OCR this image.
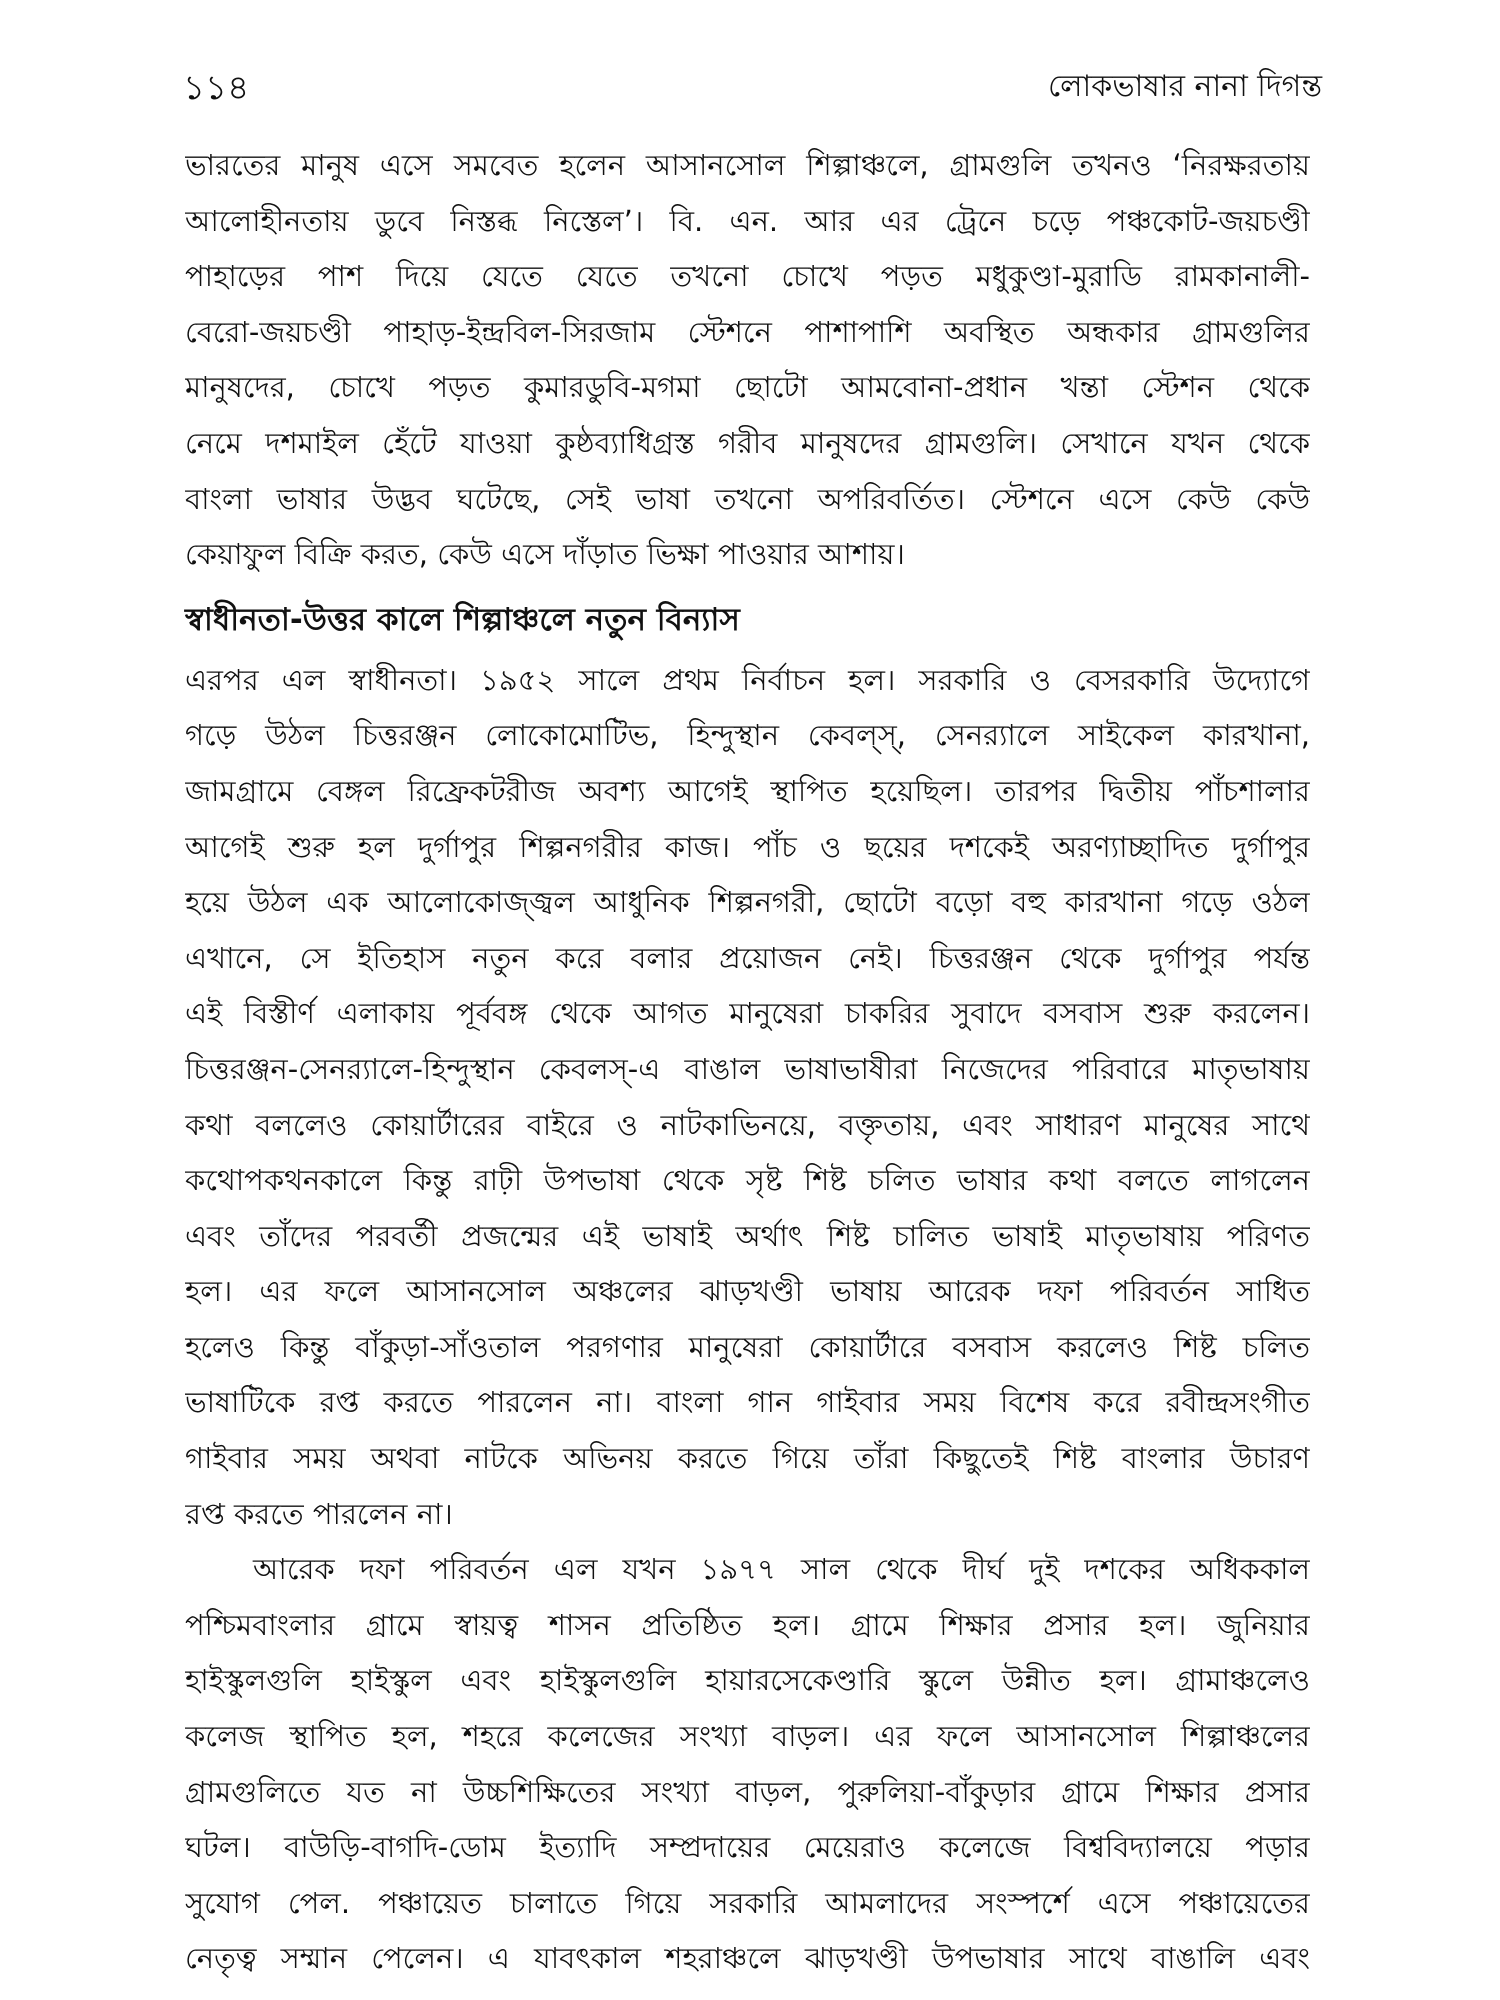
১১৪	লোকভাষার নানা দিগন্ত
ভারতের মানুষ এসে সমবেত হলেন আসানসোল শিল্পাঞ্চলে, গ্রামগুলি তখনও ‘নিরক্ষরতায়
আলোহীনতায় ডুবে নিস্তব্ধ নিস্তেল’। বি. এন. আর এর ট্রেনে চড়ে পঞ্চকোট-জয়চণ্ডী
পাহাড়ের পাশ দিয়ে যেতে যেতে তখনো চোখে পড়ত মধুকুণ্ডা-মুরাডি রামকানালী-
বেরো-জয়চণ্ডী পাহাড়-ইন্দ্রবিল-সিরজাম স্টেশনে পাশাপাশি অবস্থিত অন্ধকার গ্রামগুলির
মানুষদের, চোখে পড়ত কুমারডুবি-মগমা ছোটো আমবোনা-প্রধান খন্তা স্টেশন থেকে
নেমে দশমাইল হেঁটে যাওয়া কুষ্ঠব্যাধিগ্রস্ত গরীব মানুষদের গ্রামগুলি। সেখানে যখন থেকে
বাংলা ভাষার উদ্ভব ঘটেছে, সেই ভাষা তখনো অপরিবর্তিত। স্টেশনে এসে কেউ কেউ
কেয়াফুল বিক্রি করত, কেউ এসে দাঁড়াত ভিক্ষা পাওয়ার আশায়।
স্বাধীনতা-উত্তর কালে শিল্পাঞ্চলে নতুন বিন্যাস
এরপর এল স্বাধীনতা। ১৯৫২ সালে প্রথম নির্বাচন হল। সরকারি ও বেসরকারি উদ্যোগে
গড়ে উঠল চিত্তরঞ্জন লোকোমোটিভ, হিন্দুস্থান কেবল্‌স্‌, সেনর‍্যালে সাইকেল কারখানা,
জামগ্রামে বেঙ্গল রিফ্রেকটরীজ অবশ্য আগেই স্থাপিত হয়েছিল। তারপর দ্বিতীয় পাঁচশালার
আগেই শুরু হল দুর্গাপুর শিল্পনগরীর কাজ। পাঁচ ও ছয়ের দশকেই অরণ্যাচ্ছাদিত দুর্গাপুর
হয়ে উঠল এক আলোকোজ্জ্বল আধুনিক শিল্পনগরী, ছোটো বড়ো বহু কারখানা গড়ে ওঠল
এখানে, সে ইতিহাস নতুন করে বলার প্রয়োজন নেই। চিত্তরঞ্জন থেকে দুর্গাপুর পর্যন্ত
এই বিস্তীর্ণ এলাকায় পূর্ববঙ্গ থেকে আগত মানুষেরা চাকরির সুবাদে বসবাস শুরু করলেন।
চিত্তরঞ্জন-সেনর‍্যালে-হিন্দুস্থান কেবলস্‌-এ বাঙাল ভাষাভাষীরা নিজেদের পরিবারে মাতৃভাষায়
কথা বললেও কোয়ার্টারের বাইরে ও নাটকাভিনয়ে, বক্তৃতায়, এবং সাধারণ মানুষের সাথে
কথোপকথনকালে কিন্তু রাঢ়ী উপভাষা থেকে সৃষ্ট শিষ্ট চলিত ভাষার কথা বলতে লাগলেন
এবং তাঁদের পরবর্তী প্রজন্মের এই ভাষাই অর্থাৎ শিষ্ট চালিত ভাষাই মাতৃভাষায় পরিণত
হল। এর ফলে আসানসোল অঞ্চলের ঝাড়খণ্ডী ভাষায় আরেক দফা পরিবর্তন সাধিত
হলেও কিন্তু বাঁকুড়া-সাঁওতাল পরগণার মানুষেরা কোয়ার্টারে বসবাস করলেও শিষ্ট চলিত
ভাষাটিকে রপ্ত করতে পারলেন না। বাংলা গান গাইবার সময় বিশেষ করে রবীন্দ্রসংগীত
গাইবার সময় অথবা নাটকে অভিনয় করতে গিয়ে তাঁরা কিছুতেই শিষ্ট বাংলার উচারণ
রপ্ত করতে পারলেন না।
আরেক দফা পরিবর্তন এল যখন ১৯৭৭ সাল থেকে দীর্ঘ দুই দশকের অধিককাল
পশ্চিমবাংলার গ্রামে স্বায়ত্ব শাসন প্রতিষ্ঠিত হল। গ্রামে শিক্ষার প্রসার হল। জুনিয়ার
হাইস্কুলগুলি হাইস্কুল এবং হাইস্কুলগুলি হায়ারসেকেণ্ডারি স্কুলে উন্নীত হল। গ্রামাঞ্চলেও
কলেজ স্থাপিত হল, শহরে কলেজের সংখ্যা বাড়ল। এর ফলে আসানসোল শিল্পাঞ্চলের
গ্রামগুলিতে যত না উচ্চশিক্ষিতের সংখ্যা বাড়ল, পুরুলিয়া-বাঁকুড়ার গ্রামে শিক্ষার প্রসার
ঘটল। বাউড়ি-বাগদি-ডোম ইত্যাদি সম্প্রদায়ের মেয়েরাও কলেজে বিশ্ববিদ্যালয়ে পড়ার
সুযোগ পেল. পঞ্চায়েত চালাতে গিয়ে সরকারি আমলাদের সংস্পর্শে এসে পঞ্চায়েতের
নেতৃত্ব সম্মান পেলেন। এ যাবৎকাল শহরাঞ্চলে ঝাড়খণ্ডী উপভাষার সাথে বাঙালি এবং
